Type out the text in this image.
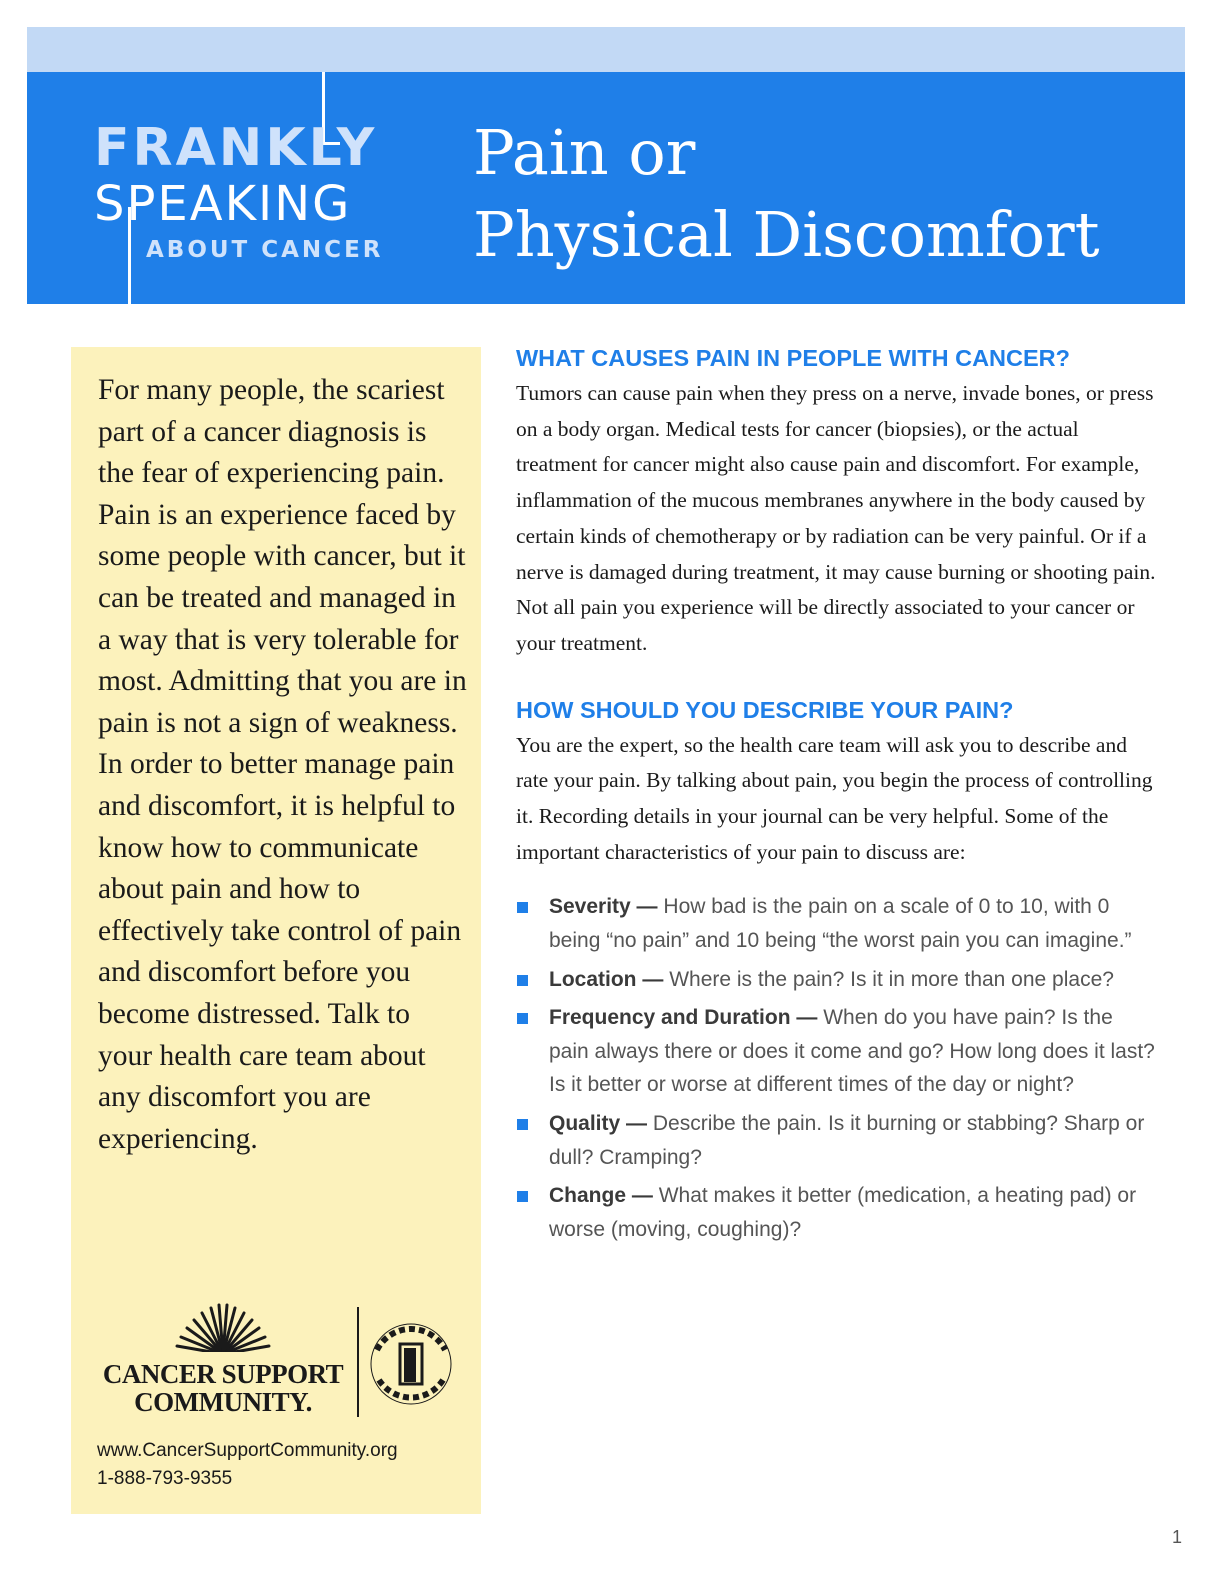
FRANKLY
SPEAKING
ABOUT CANCER
Pain or
Physical Discomfort

For many people, the scariest part of a cancer diagnosis is the fear of experiencing pain. Pain is an experience faced by some people with cancer, but it can be treated and managed in a way that is very tolerable for most. Admitting that you are in pain is not a sign of weakness. In order to better manage pain and discomfort, it is helpful to know how to communicate about pain and how to effectively take control of pain and discomfort before you become distressed. Talk to your health care team about any discomfort you are experiencing.

CANCER SUPPORT
COMMUNITY.
www.CancerSupportCommunity.org
1-888-793-9355
WHAT CAUSES PAIN IN PEOPLE WITH CANCER?

Tumors can cause pain when they press on a nerve, invade bones, or press on a body organ. Medical tests for cancer (biopsies), or the actual treatment for cancer might also cause pain and discomfort. For example, inflammation of the mucous membranes anywhere in the body caused by certain kinds of chemotherapy or by radiation can be very painful. Or if a nerve is damaged during treatment, it may cause burning or shooting pain. Not all pain you experience will be directly associated to your cancer or your treatment.

HOW SHOULD YOU DESCRIBE YOUR PAIN?

You are the expert, so the health care team will ask you to describe and rate your pain. By talking about pain, you begin the process of controlling it. Recording details in your journal can be very helpful. Some of the important characteristics of your pain to discuss are:

Severity — How bad is the pain on a scale of 0 to 10, with 0 being “no pain” and 10 being “the worst pain you can imagine.”
Location — Where is the pain? Is it in more than one place?
Frequency and Duration — When do you have pain? Is the pain always there or does it come and go? How long does it last? Is it better or worse at different times of the day or night?
Quality — Describe the pain. Is it burning or stabbing? Sharp or dull? Cramping?
Change — What makes it better (medication, a heating pad) or worse (moving, coughing)?
1
